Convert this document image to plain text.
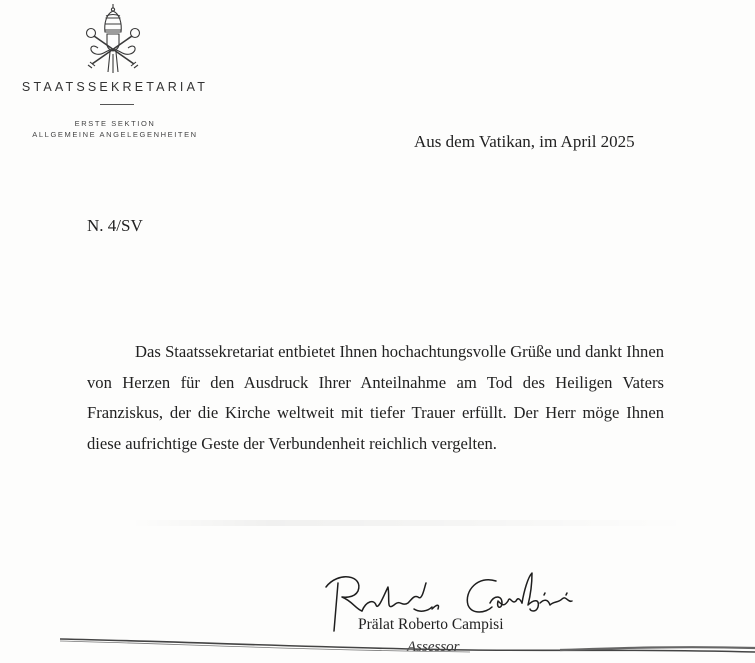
STAATSSEKRETARIAT
ERSTE SEKTION
ALLGEMEINE ANGELEGENHEITEN	Aus dem Vatikan, im April 2025
N. 4/SV

Das Staatssekretariat entbietet Ihnen hochachtungsvolle Grüße und dankt Ihnen von Herzen für den Ausdruck Ihrer Anteilnahme am Tod des Heiligen Vaters Franziskus, der die Kirche weltweit mit tiefer Trauer erfüllt. Der Herr möge Ihnen diese aufrichtige Geste der Verbundenheit reichlich vergelten.

Prälat Roberto Campisi
Assessor
